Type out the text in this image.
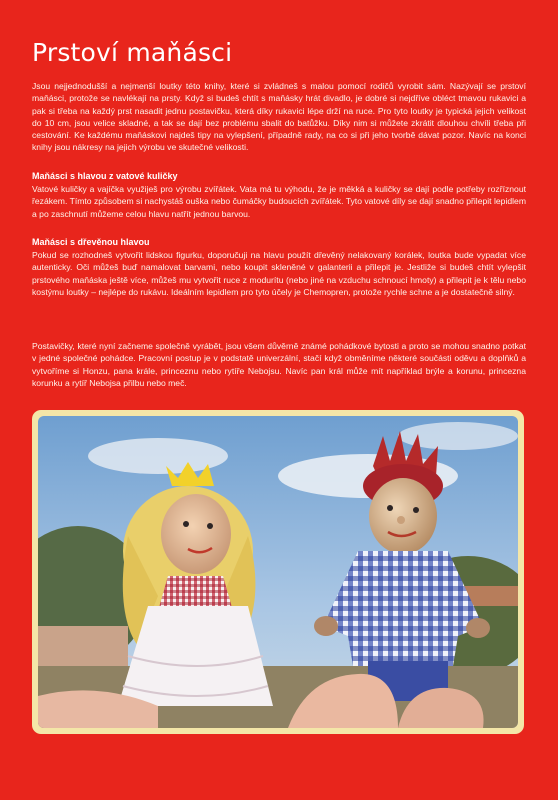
Prstoví maňásci

Jsou nejjednodušší a nejmenší loutky této knihy, které si zvládneš s malou pomocí rodičů vyrobit sám. Nazývají se prstoví maňásci, protože se navlékají na prsty. Když si budeš chtít s maňásky hrát divadlo, je dobré si nejdříve obléct tmavou rukavici a pak si třeba na každý prst nasadit jednu postavičku, která díky rukavici lépe drží na ruce. Pro tyto loutky je typická jejich velikost do 10 cm, jsou velice skladné, a tak se dají bez problému sbalit do batůžku. Díky nim si můžete zkrátit dlouhou chvíli třeba při cestování. Ke každému maňáskovi najdeš tipy na vylepšení, případně rady, na co si při jeho tvorbě dávat pozor. Navíc na konci knihy jsou nákresy na jejich výrobu ve skutečné velikosti.

Maňásci s hlavou z vatové kuličky

Vatové kuličky a vajíčka využiješ pro výrobu zvířátek. Vata má tu výhodu, že je měkká a kuličky se dají podle potřeby rozříznout řezákem. Tímto způsobem si nachystáš ouška nebo čumáčky budoucích zvířátek. Tyto vatové díly se dají snadno přilepit lepidlem a po zaschnutí můžeme celou hlavu natřít jednou barvou.

Maňásci s dřevěnou hlavou

Pokud se rozhodneš vytvořit lidskou figurku, doporučuji na hlavu použít dřevěný nelakovaný korálek, loutka bude vypadat více autenticky. Oči můžeš buď namalovat barvami, nebo koupit skleněné v galanterii a přilepit je. Jestliže si budeš chtít vylepšit prstového maňáska ještě více, můžeš mu vytvořit ruce z modurítu (nebo jiné na vzduchu schnoucí hmoty) a přilepit je k tělu nebo kostýmu loutky – nejlépe do rukávu. Ideálním lepidlem pro tyto účely je Chemopren, protože rychle schne a je dostatečně silný.

Postavičky, které nyní začneme společně vyrábět, jsou všem důvěrně známé pohádkové bytosti a proto se mohou snadno potkat v jedné společné pohádce. Pracovní postup je v podstatě univerzální, stačí když obměníme některé součásti oděvu a doplňků a vytvoříme si Honzu, pana krále, princeznu nebo rytíře Nebojsu. Navíc pan král může mít například brýle a korunu, princezna korunku a rytíř Nebojsa přilbu nebo meč.
